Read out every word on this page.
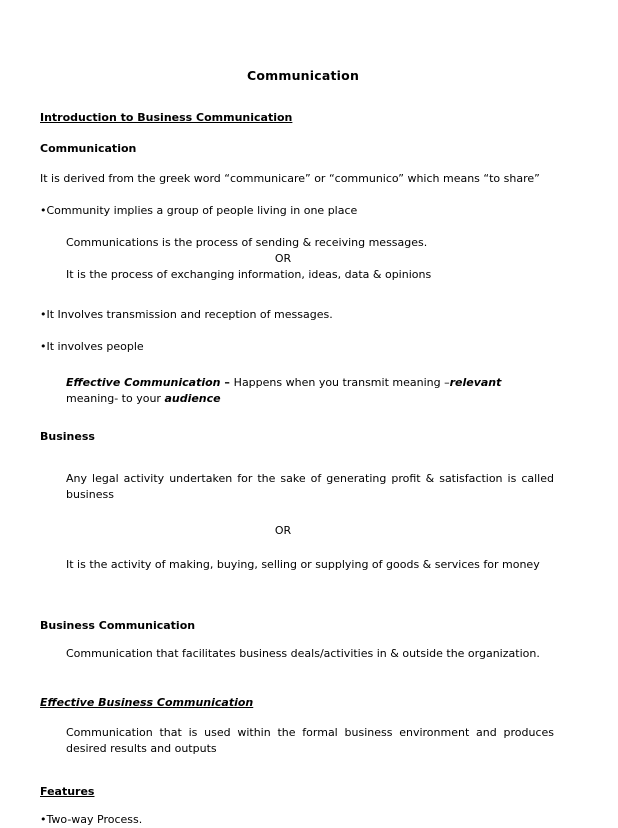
Communication

Introduction to Business Communication

Communication

It is derived from the greek word “communicare” or “communico” which means “to share”

•Community implies a group of people living in one place

Communications is the process of sending & receiving messages.

OR

It is the process of exchanging information, ideas, data & opinions

•It Involves transmission and reception of messages.

•It involves people

Effective Communication – Happens when you transmit meaning –relevant
meaning- to your audience

Business

Any legal activity undertaken for the sake of generating profit & satisfaction is called business

OR

It is the activity of making, buying, selling or supplying of goods & services for money

Business Communication

Communication that facilitates business deals/activities in & outside the organization.

Effective Business Communication

Communication that is used within the formal business environment and produces desired results and outputs

Features

•Two-way Process.
